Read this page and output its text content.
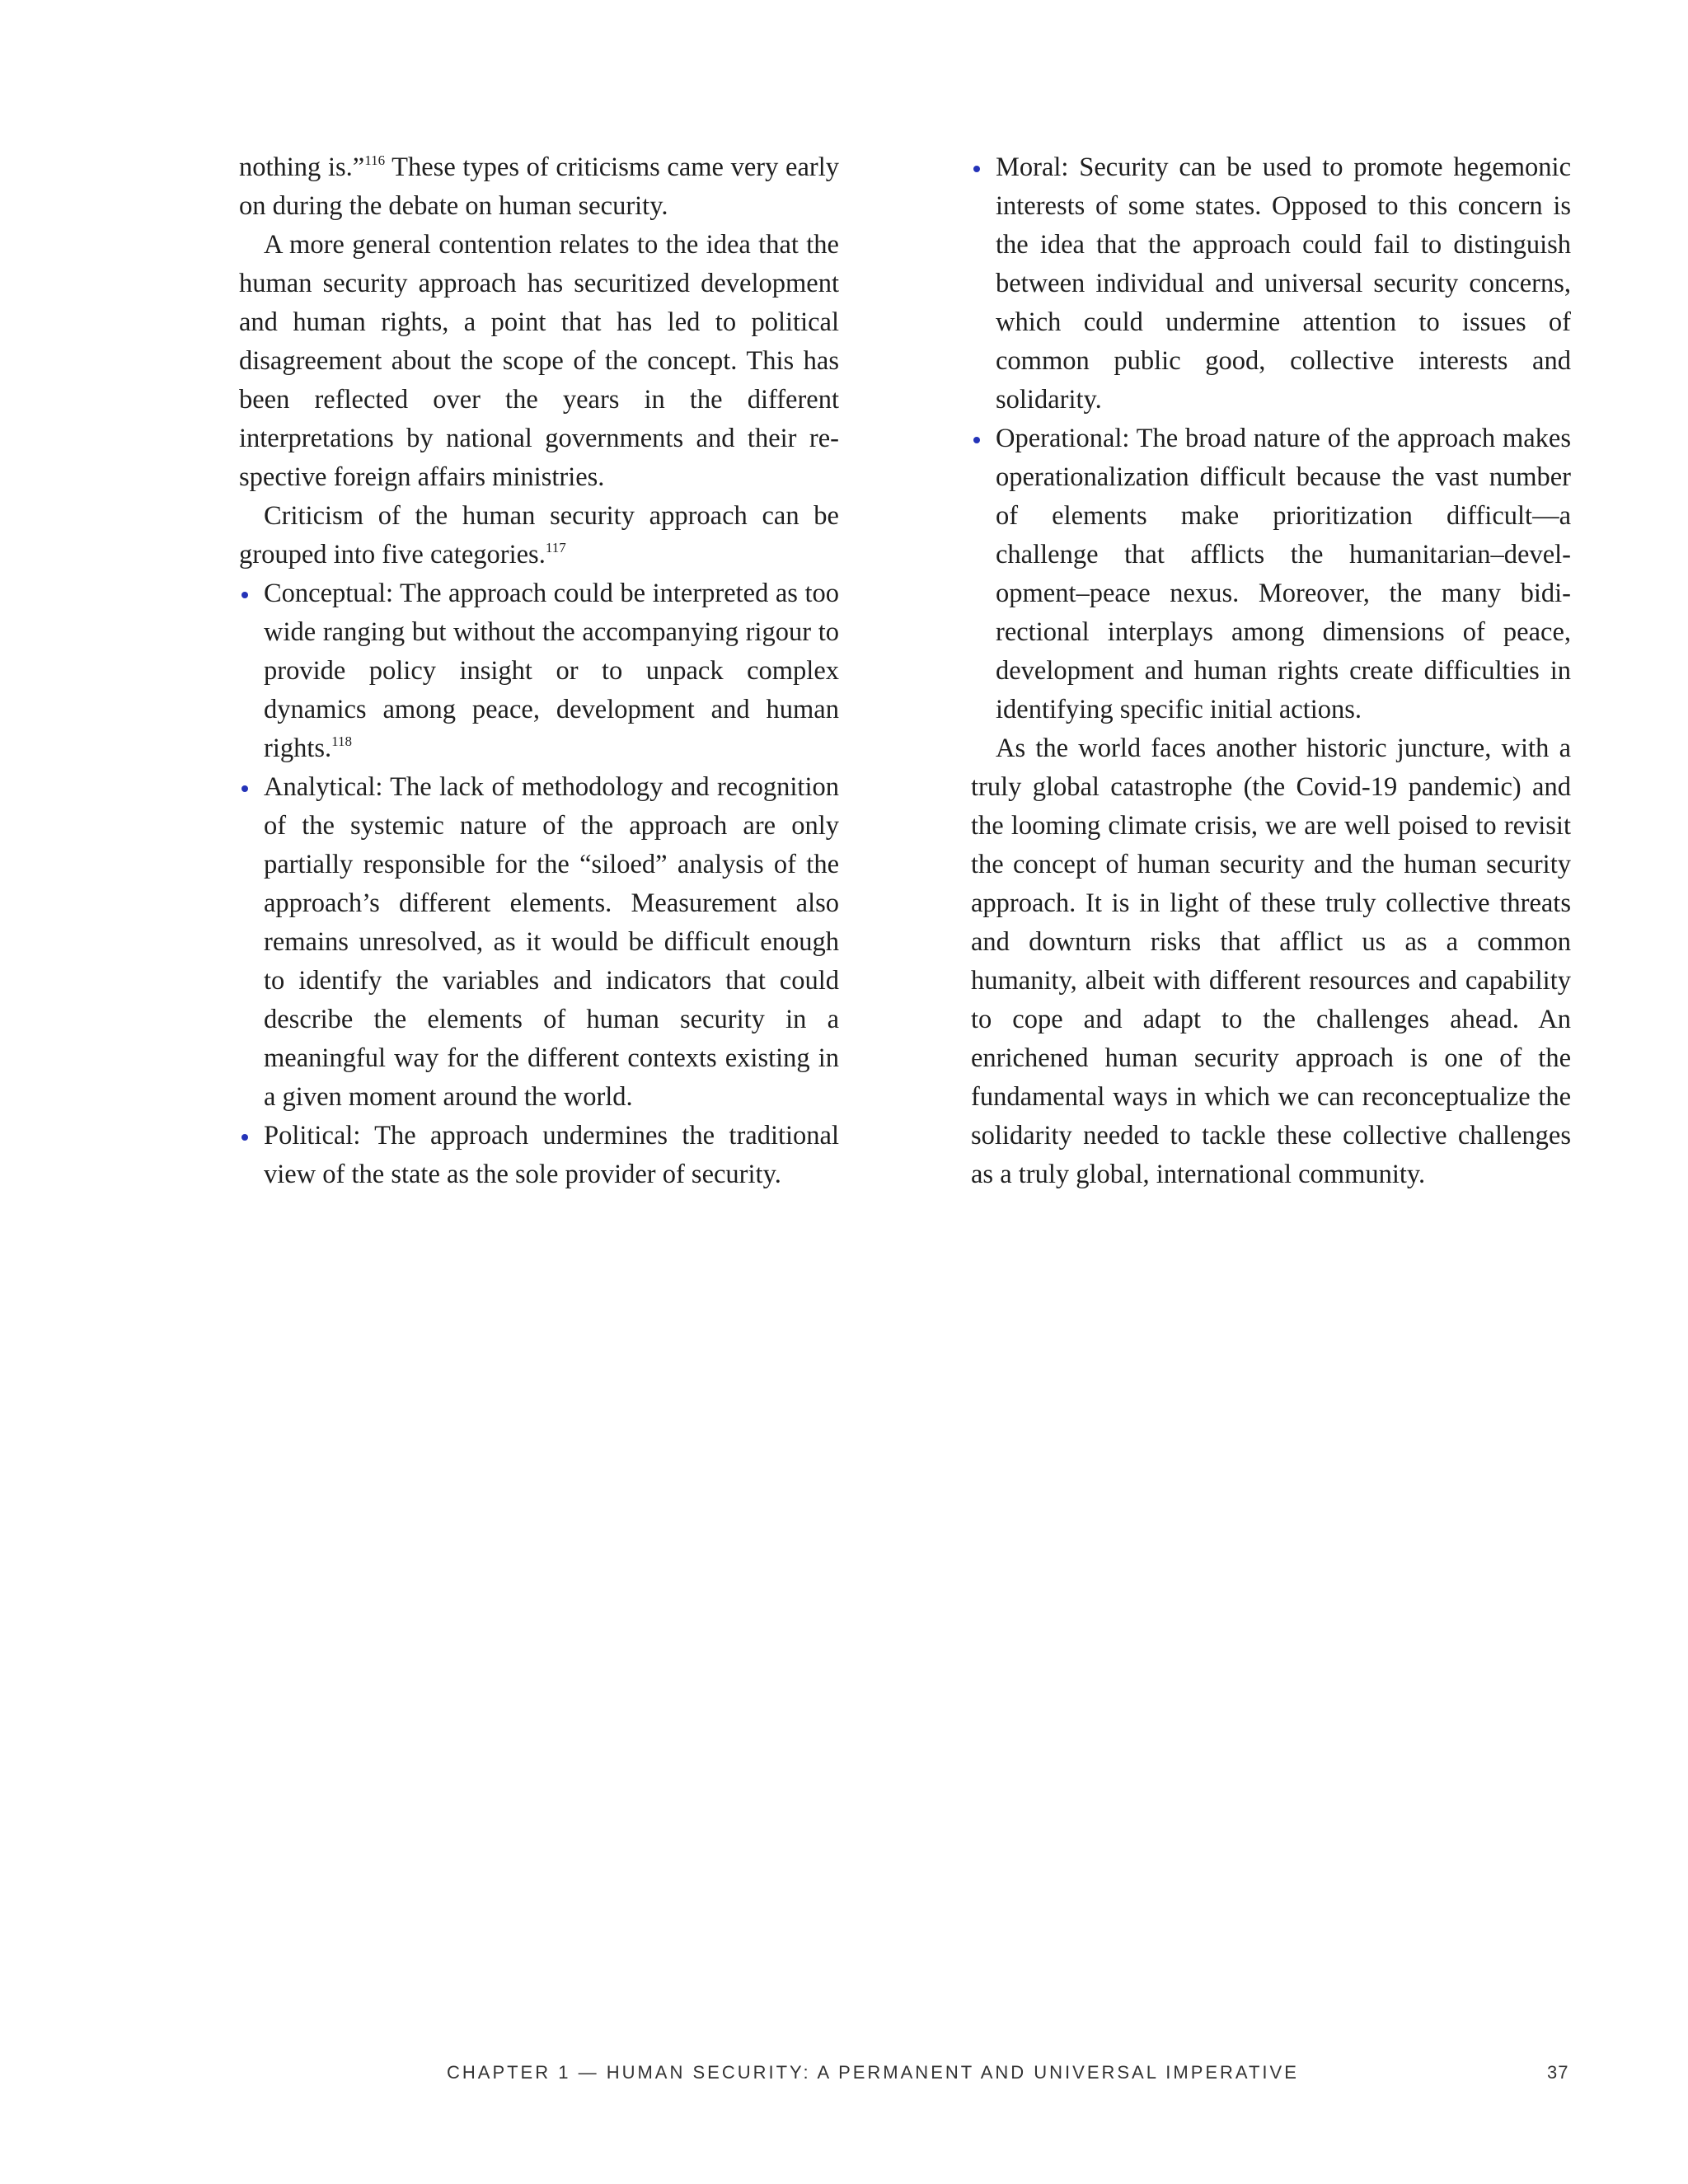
nothing is.”$^{116}$ These types of criticisms came very early on during the debate on human security.

A more general contention relates to the idea that the human security approach has securitized development and human rights, a point that has led to political disagreement about the scope of the concept. This has been reflected over the years in the different interpretations by national governments and their respective foreign affairs ministries.

Criticism of the human security approach can be grouped into five categories.$^{117}$

Conceptual: The approach could be interpreted as too wide ranging but without the accompanying rigour to provide policy insight or to unpack complex dynamics among peace, development and human rights.$^{118}$
Analytical: The lack of methodology and recognition of the systemic nature of the approach are only partially responsible for the “siloed” analysis of the approach’s different elements. Measurement also remains unresolved, as it would be difficult enough to identify the variables and indicators that could describe the elements of human security in a meaningful way for the different contexts existing in a given moment around the world.
Political: The approach undermines the traditional view of the state as the sole provider of security.
Moral: Security can be used to promote hegemonic interests of some states. Opposed to this concern is the idea that the approach could fail to distinguish between individual and universal security concerns, which could undermine attention to issues of common public good, collective interests and solidarity.
Operational: The broad nature of the approach makes operationalization difficult because the vast number of elements make prioritization difficult—a challenge that afflicts the humanitarian–development–peace nexus. Moreover, the many bidirectional interplays among dimensions of peace, development and human rights create difficulties in identifying specific initial actions.

As the world faces another historic juncture, with a truly global catastrophe (the Covid-19 pandemic) and the looming climate crisis, we are well poised to revisit the concept of human security and the human security approach. It is in light of these truly collective threats and downturn risks that afflict us as a common humanity, albeit with different resources and capability to cope and adapt to the challenges ahead. An enrichened human security approach is one of the fundamental ways in which we can reconceptualize the solidarity needed to tackle these collective challenges as a truly global, international community.

CHAPTER 1 — HUMAN SECURITY: A PERMANENT AND UNIVERSAL IMPERATIVE	37
